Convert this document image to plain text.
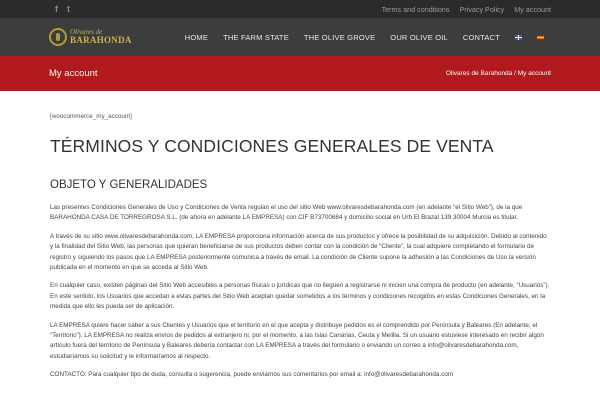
f t	Terms and conditions Privacy Policy My account
Olivares de
BARAHONDA	HOME THE FARM STATE THE OLIVE GROVE OUR OLIVE OIL CONTACT
My account	Olivares de Barahonda / My account
[woocommerce_my_account]
TÉRMINOS Y CONDICIONES GENERALES DE VENTA
OBJETO Y GENERALIDADES

Las presentes Condiciones Generales de Uso y Condiciones de Venta regulan el uso del sitio Web www.olivaresdebarahonda.com (en adelante “el Sitio Web”), de la que BARAHONDA CASA DE TORREGROSA S.L. (de ahora en adelante LA EMPRESA) con CIF B73700684 y domicilio social en Urb El Brazal 139 30004 Murcia es titular.

A través de su sitio www.olivaresdebarahonda.com, LA EMPRESA proporciona información acerca de sus productos y ofrece la posibilidad de su adquisición. Debido al contenido y la finalidad del Sitio Web, las personas que quieran beneficiarse de sus productos deben contar con la condición de “Cliente”, la cual adquiere completando el formulario de registro y siguiendo los pasos que LA EMPRESA posteriormente comunica a través de email. La condición de Cliente supone la adhesión a las Condiciones de Uso la versión publicada en el momento en que se acceda al Sitio Web.

En cualquier caso, existen páginas del Sitio Web accesibles a personas físicas o jurídicas que no lleguen a registrarse ni inicien una compra de producto (en adelante, “Usuarios”). En este sentido, los Usuarios que accedan a estas partes del Sitio Web aceptan quedar sometidos a los términos y condiciones recogidos en estas Condiciones Generales, en la medida que ello les pueda ser de aplicación.

LA EMPRESA quiere hacer saber a sus Clientes y Usuarios que el territorio en el que acepta y distribuye pedidos es el comprendido por Península y Baleares (En adelante, el “Territorio”). LA EMPRESA no realiza envíos de pedidos al extranjero ni, por el momento, a las Islas Canarias, Ceuta y Melilla. Si un usuario estuviese interesado en recibir algún artículo fuera del territorio de Península y Baleares debería contactar con LA EMPRESA a través del formulario o enviando un correo a info@olivaresdebarahonda.com, estudiaríamos su solicitud y le informaríamos al respecto.

CONTACTO: Para cualquier tipo de duda, consulta o sugerencia, puede enviarnos sus comentarios por email a: info@olivaresdebarahonda.com
